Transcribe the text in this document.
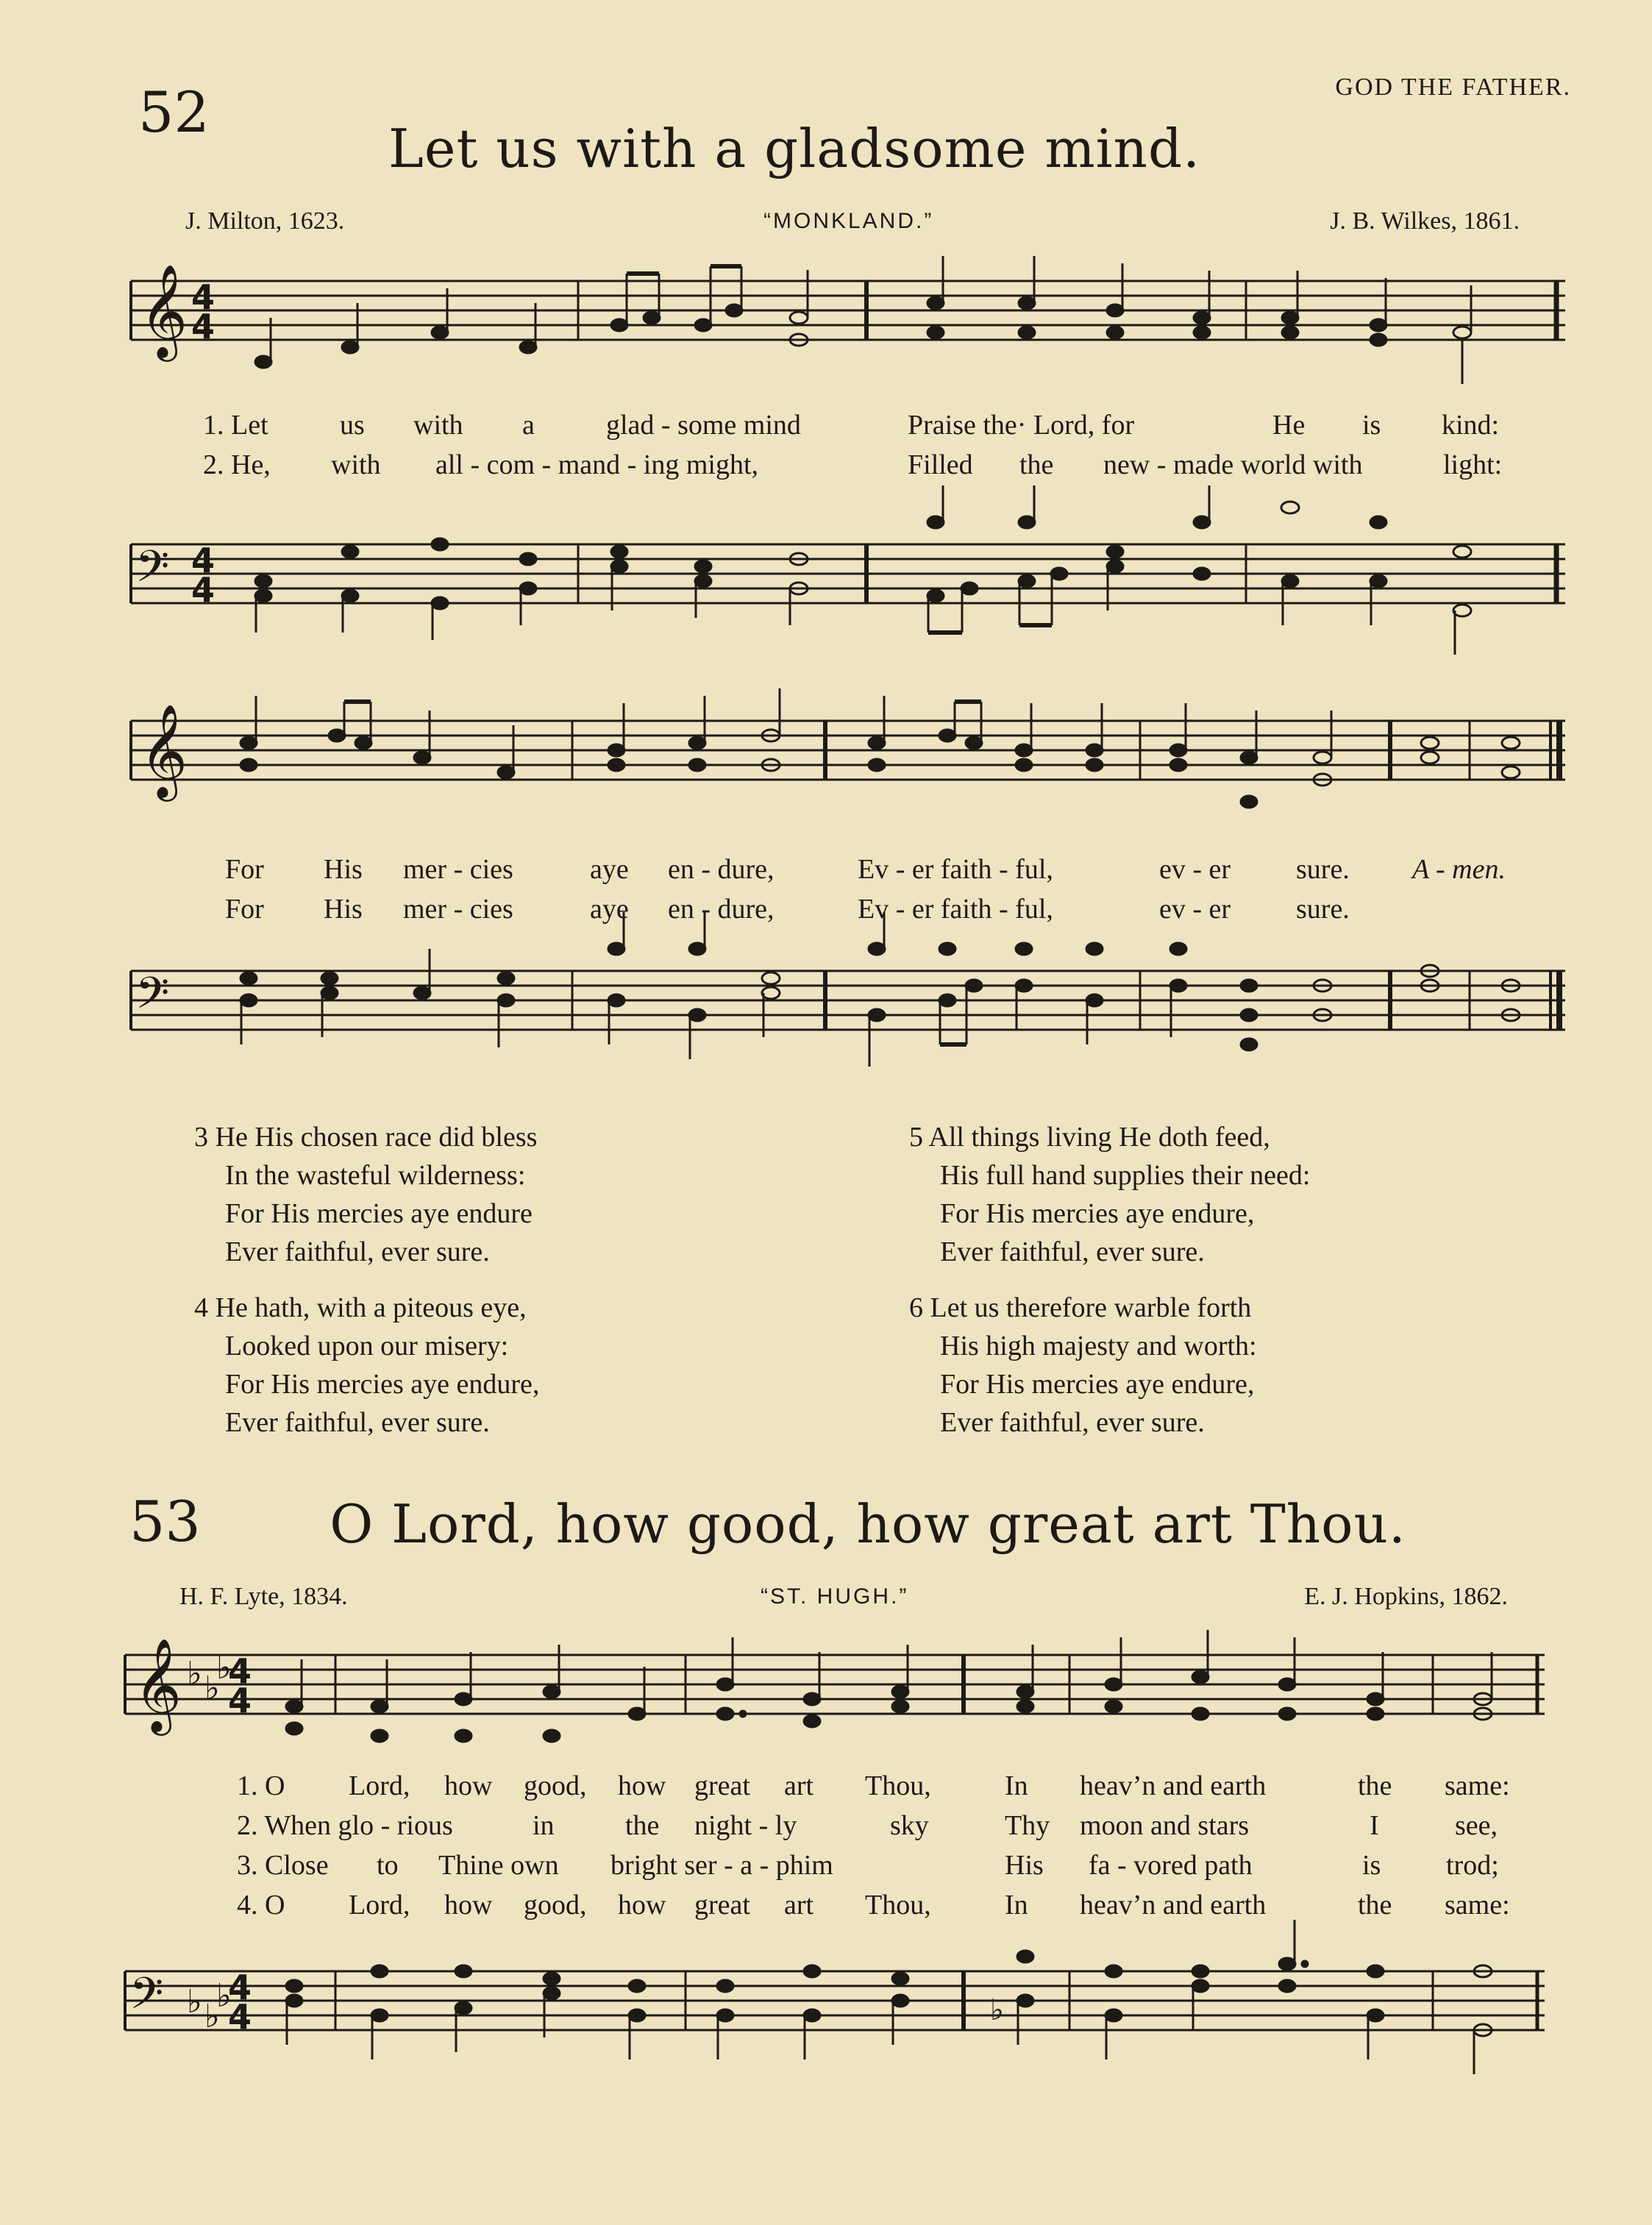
52	GOD THE FATHER.
Let us with a gladsome mind.
J. Milton, 1623.	“MONKLAND.”	J. B. Wilkes, 1861.
𝄞 4
4
1. Let	us with a	glad - some mind	Praise the· Lord, for	He is kind:
2. He, with all - com - mand - ing might,	Filled the new - made world with	light:
𝄢 4
4
𝄞
For His mer - cies	aye en - dure,	Ev - er faith - ful,	ev - er sure. A - men.
For His mer - cies	aye en - dure,	Ev - er faith - ful,	ev - er sure.
𝄢
3 He His chosen race did bless
In the wasteful wilderness:
For His mercies aye endure
Ever faithful, ever sure.
4 He hath, with a piteous eye,
Looked upon our misery:
For His mercies aye endure,
Ever faithful, ever sure.
5 All things living He doth feed,
His full hand supplies their need:
For His mercies aye endure,
Ever faithful, ever sure.
6 Let us therefore warble forth
His high majesty and worth:
For His mercies aye endure,
Ever faithful, ever sure.
53	O Lord, how good, how great art Thou.
H. F. Lyte, 1834.	“ST. HUGH.”	E. J. Hopkins, 1862.
𝄞 ♭ ♭
♭
4
4
1. O Lord, how good, how great art Thou,	In heav’n and earth	the same:
2. When glo - rious	in	the night - ly	sky	Thy moon and stars	I	see,
3. Close to Thine own bright ser - a - phim	His fa - vored path	is trod;
4. O Lord, how good, how great art Thou,	In heav’n and earth	the same:
𝄢 ♭ ♭
♭
4
4	♭
